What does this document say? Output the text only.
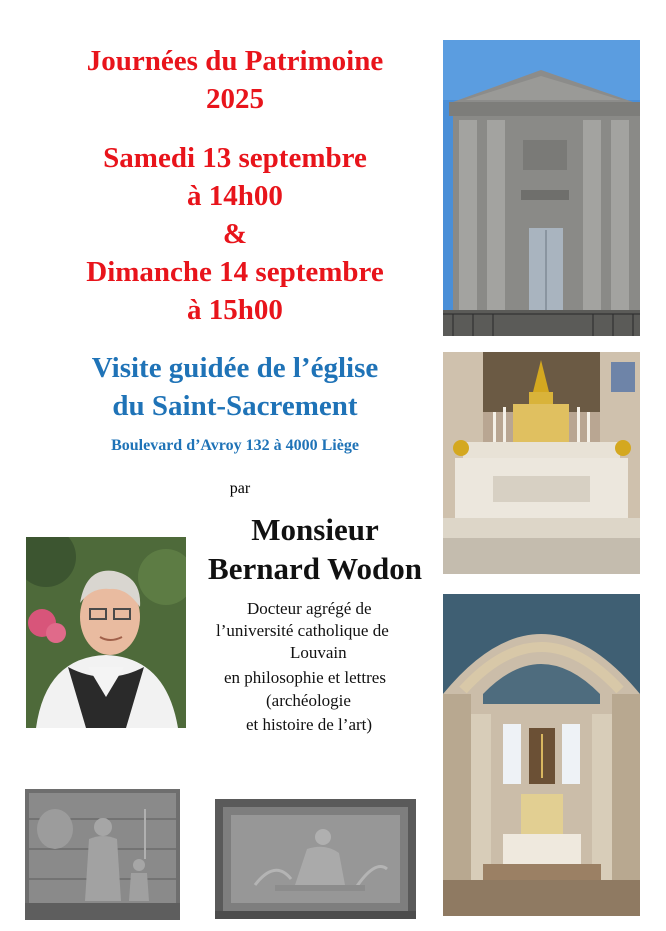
Journées du Patrimoine
2025
Samedi 13 septembre
à 14h00
&
Dimanche 14 septembre
à 15h00
Visite guidée de l’église
du Saint-Sacrement
Boulevard d’Avroy 132 à 4000 Liège
par
Monsieur
Bernard Wodon
Docteur agrégé de
l’université catholique de
Louvain
en philosophie et lettres
(archéologie
et histoire de l’art)
